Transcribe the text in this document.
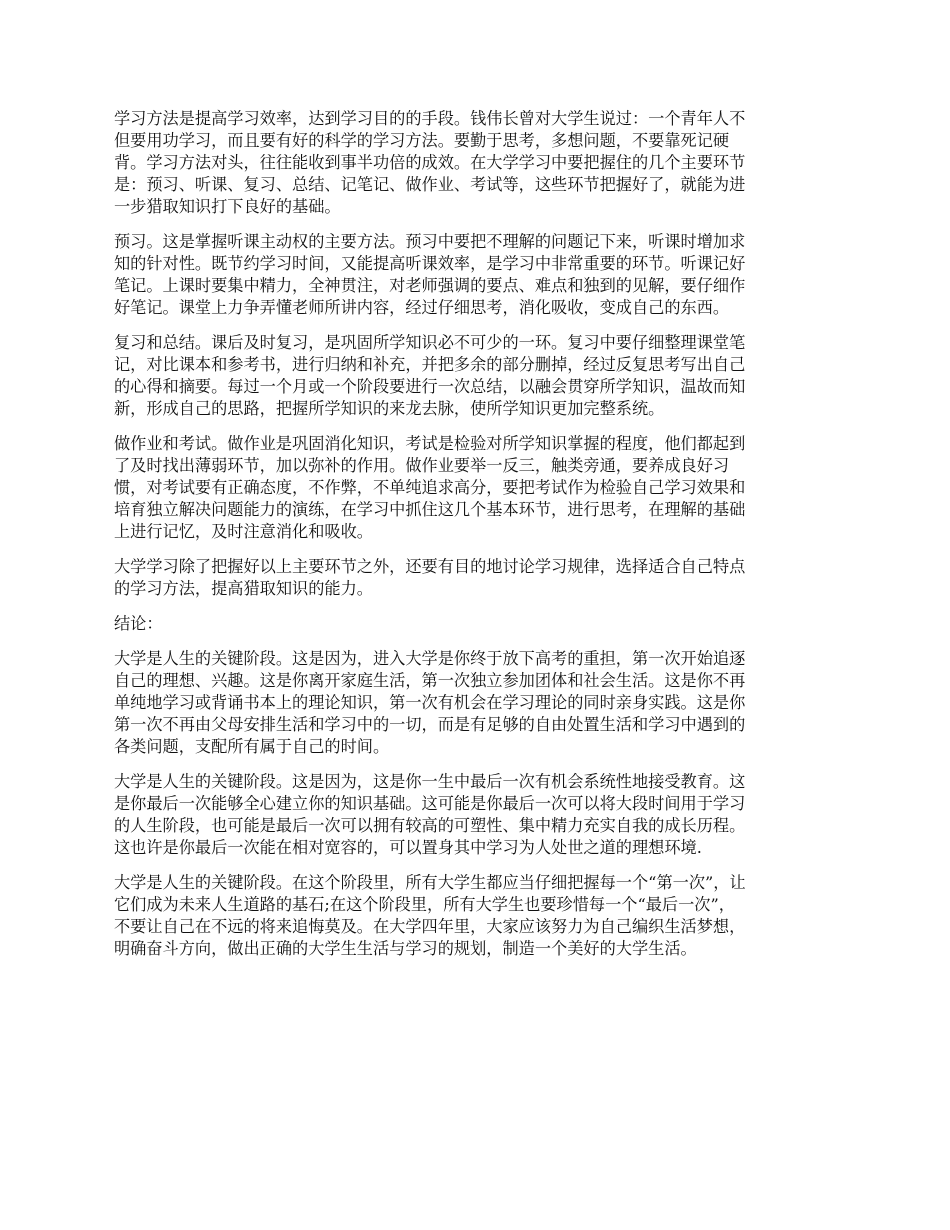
学习方法是提高学习效率，达到学习目的的手段。钱伟长曾对大学生说过：一个青年人不
但要用功学习，而且要有好的科学的学习方法。要勤于思考，多想问题，不要靠死记硬
背。学习方法对头，往往能收到事半功倍的成效。在大学学习中要把握住的几个主要环节
是：预习、听课、复习、总结、记笔记、做作业、考试等，这些环节把握好了，就能为进
一步猎取知识打下良好的基础。

预习。这是掌握听课主动权的主要方法。预习中要把不理解的问题记下来，听课时增加求
知的针对性。既节约学习时间，又能提高听课效率，是学习中非常重要的环节。听课记好
笔记。上课时要集中精力，全神贯注，对老师强调的要点、难点和独到的见解，要仔细作
好笔记。课堂上力争弄懂老师所讲内容，经过仔细思考，消化吸收，变成自己的东西。

复习和总结。课后及时复习，是巩固所学知识必不可少的一环。复习中要仔细整理课堂笔
记，对比课本和参考书，进行归纳和补充，并把多余的部分删掉，经过反复思考写出自己
的心得和摘要。每过一个月或一个阶段要进行一次总结，以融会贯穿所学知识，温故而知
新，形成自己的思路，把握所学知识的来龙去脉，使所学知识更加完整系统。

做作业和考试。做作业是巩固消化知识，考试是检验对所学知识掌握的程度，他们都起到
了及时找出薄弱环节，加以弥补的作用。做作业要举一反三，触类旁通，要养成良好习
惯，对考试要有正确态度，不作弊，不单纯追求高分，要把考试作为检验自己学习效果和
培育独立解决问题能力的演练，在学习中抓住这几个基本环节，进行思考，在理解的基础
上进行记忆，及时注意消化和吸收。

大学学习除了把握好以上主要环节之外，还要有目的地讨论学习规律，选择适合自己特点
的学习方法，提高猎取知识的能力。

结论：

大学是人生的关键阶段。这是因为，进入大学是你终于放下高考的重担，第一次开始追逐
自己的理想、兴趣。这是你离开家庭生活，第一次独立参加团体和社会生活。这是你不再
单纯地学习或背诵书本上的理论知识，第一次有机会在学习理论的同时亲身实践。这是你
第一次不再由父母安排生活和学习中的一切，而是有足够的自由处置生活和学习中遇到的
各类问题，支配所有属于自己的时间。

大学是人生的关键阶段。这是因为，这是你一生中最后一次有机会系统性地接受教育。这
是你最后一次能够全心建立你的知识基础。这可能是你最后一次可以将大段时间用于学习
的人生阶段，也可能是最后一次可以拥有较高的可塑性、集中精力充实自我的成长历程。
这也许是你最后一次能在相对宽容的，可以置身其中学习为人处世之道的理想环境.

大学是人生的关键阶段。在这个阶段里，所有大学生都应当仔细把握每一个“第一次”，让
它们成为未来人生道路的基石;在这个阶段里，所有大学生也要珍惜每一个“最后一次”，
不要让自己在不远的将来追悔莫及。在大学四年里，大家应该努力为自己编织生活梦想，
明确奋斗方向，做出正确的大学生生活与学习的规划，制造一个美好的大学生活。
